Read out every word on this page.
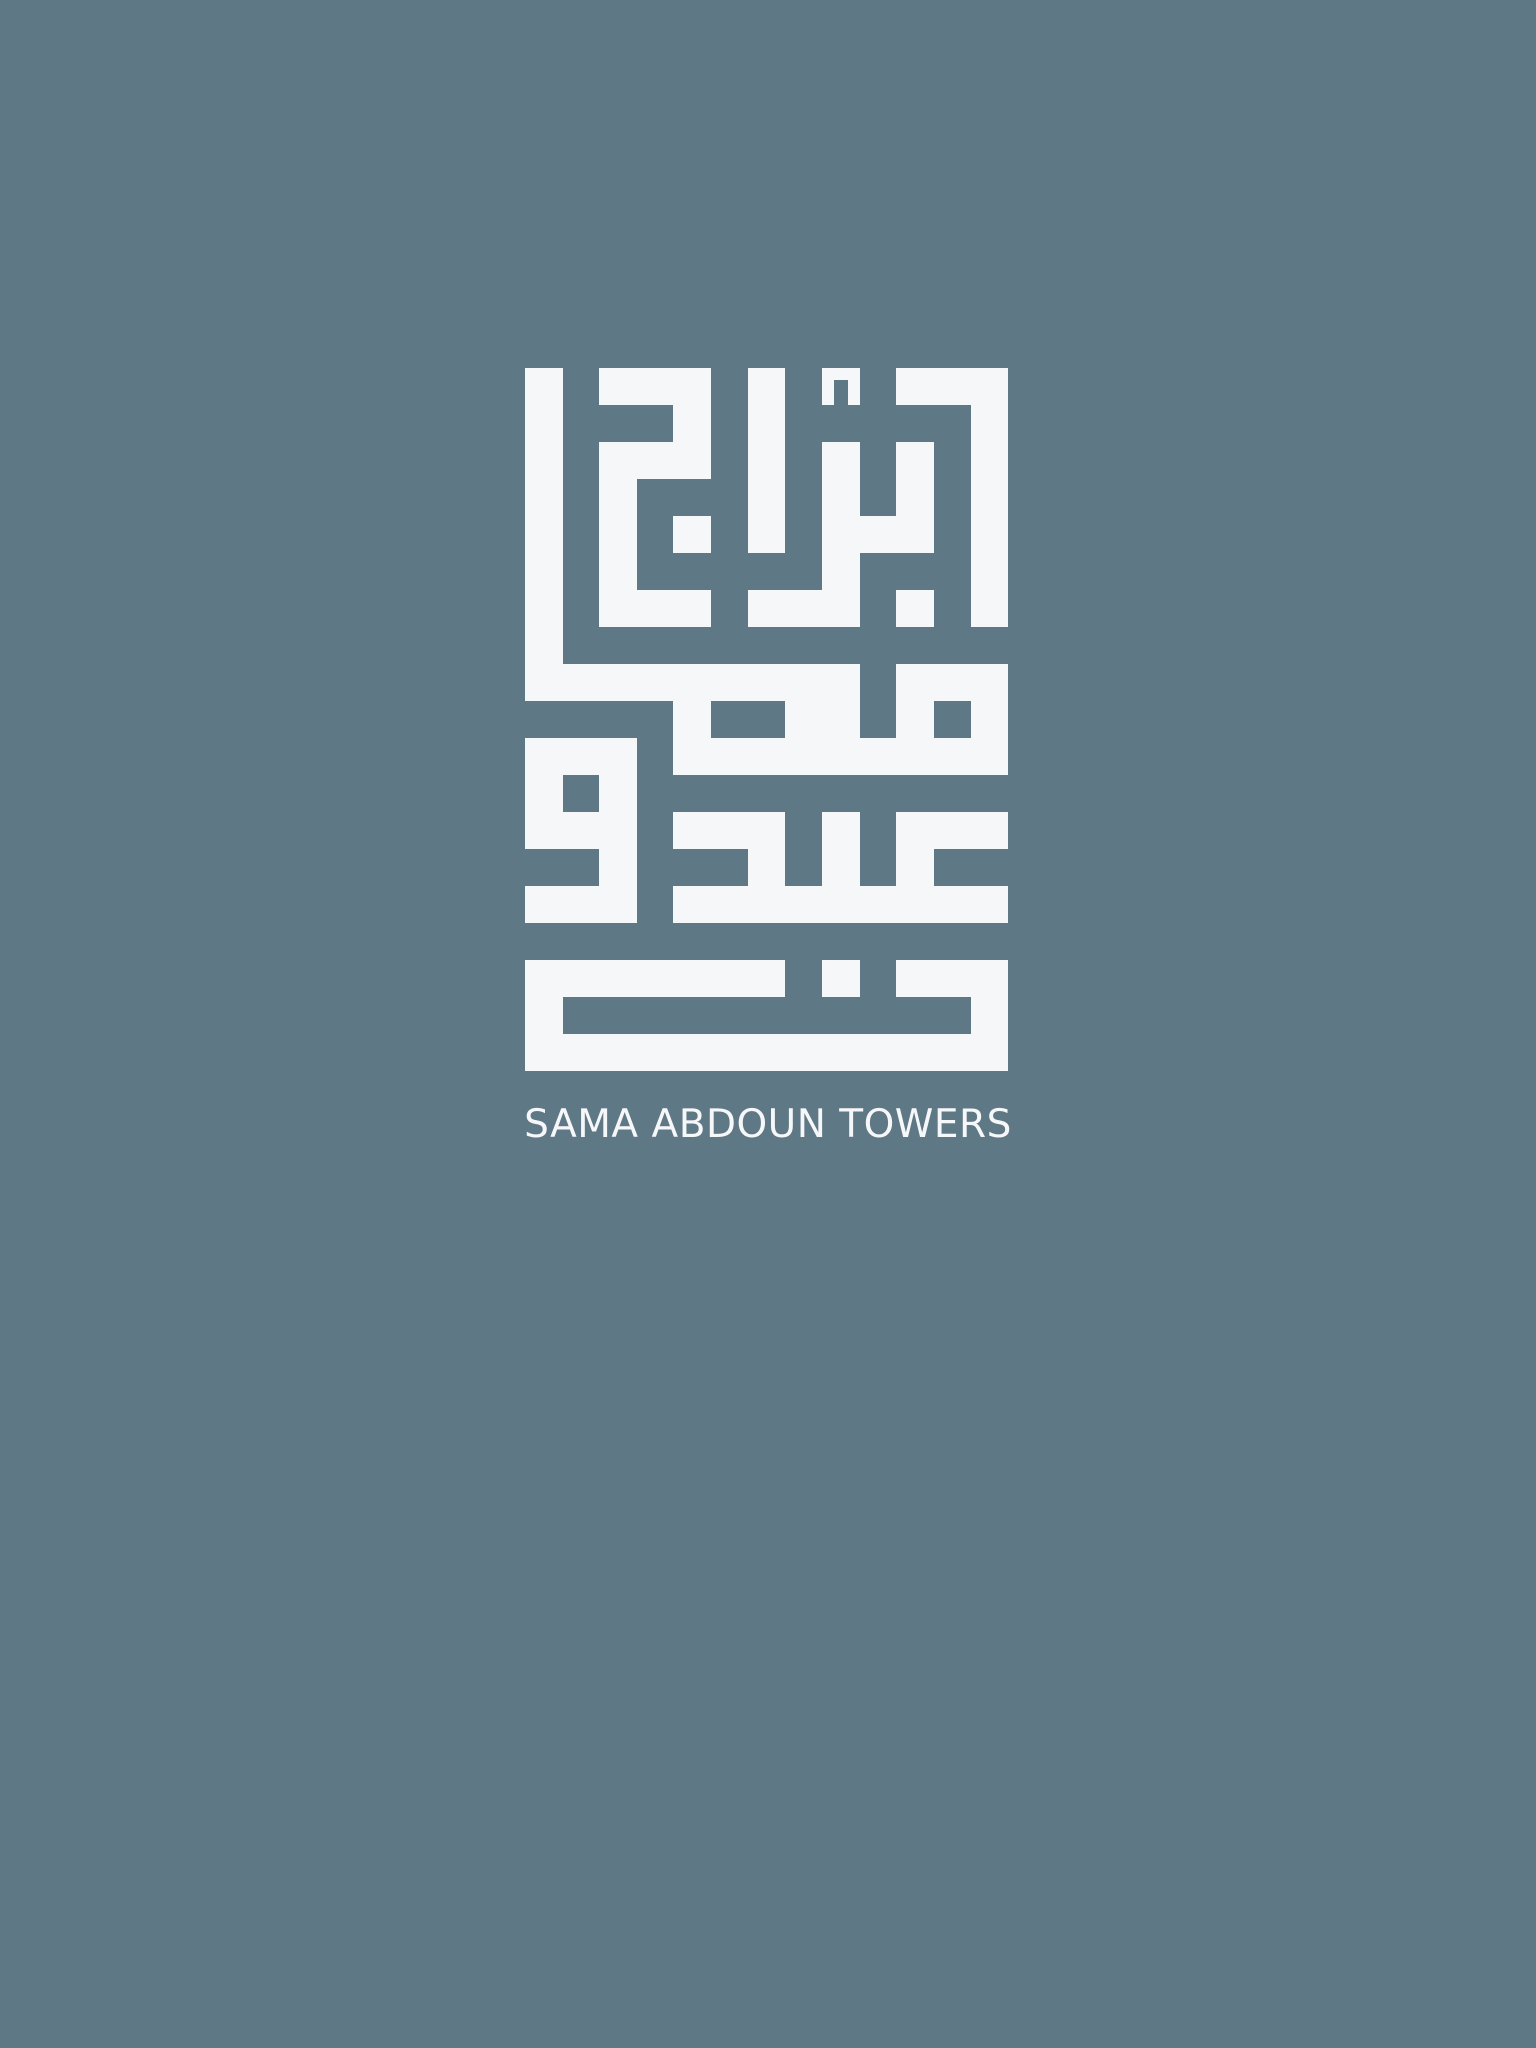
SAMA ABDOUN TOWERS
